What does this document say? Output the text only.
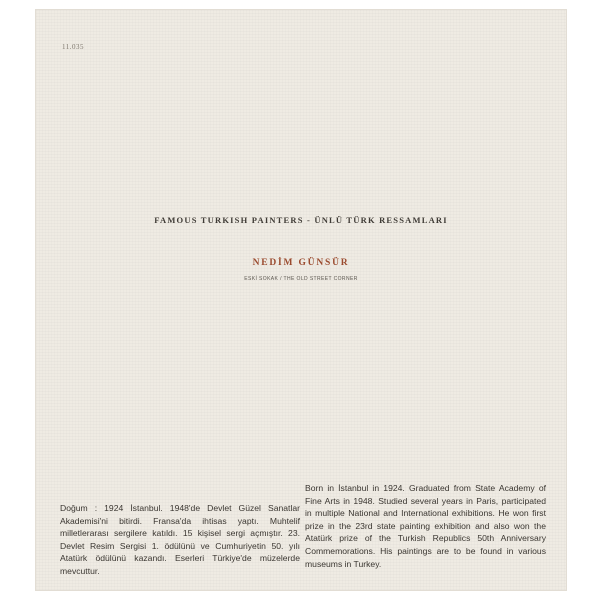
11.035
FAMOUS TURKISH PAINTERS - ÜNLÜ TÜRK RESSAMLARI
NEDİM GÜNSÜR
ESKİ SOKAK / THE OLD STREET CORNER
Doğum : 1924 İstanbul. 1948'de Devlet Güzel Sanatlar Akademisi'ni bitirdi. Fransa'da ihtisas yaptı. Muhtelif milletlerarası sergilere katıldı. 15 kişisel sergi açmıştır. 23. Devlet Resim Sergisi 1. ödülünü ve Cumhuriyetin 50. yılı Atatürk ödülünü kazandı. Eserleri Türkiye'de müzelerde mevcuttur.
Born in İstanbul in 1924. Graduated from State Academy of Fine Arts in 1948. Studied several years in Paris, participated in multiple National and International exhibitions. He won first prize in the 23rd state painting exhibition and also won the Atatürk prize of the Turkish Republics 50th Anniversary Commemorations. His paintings are to be found in various museums in Turkey.
